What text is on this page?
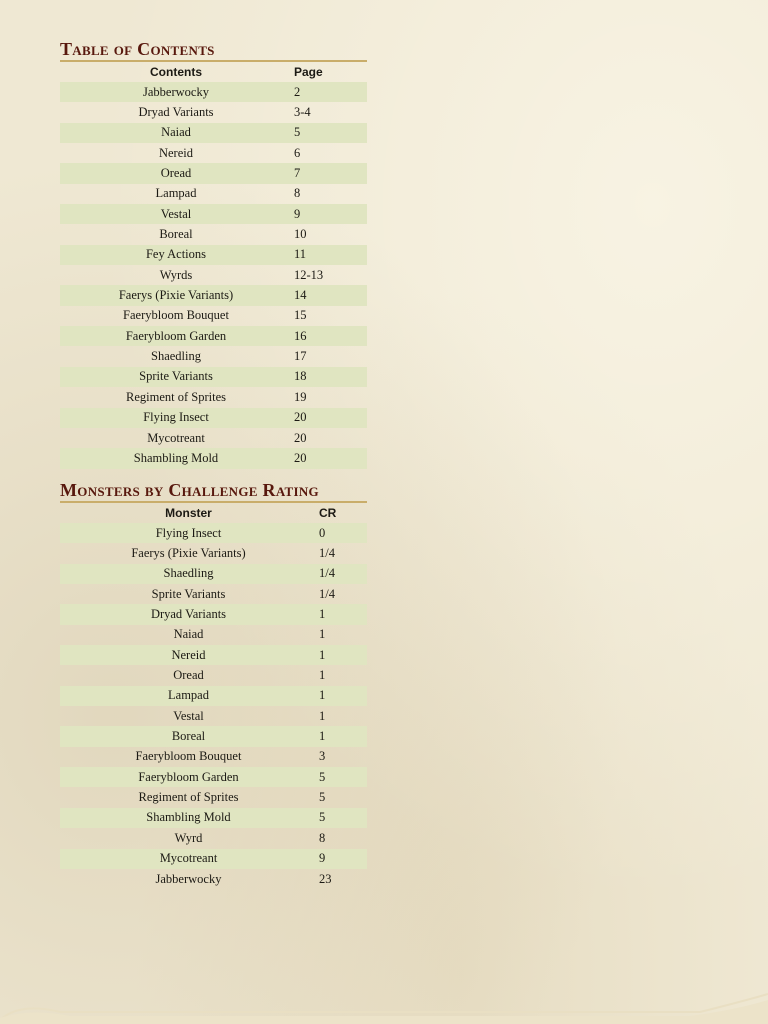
Table of Contents
Contents	Page
Jabberwocky	2
Dryad Variants	3-4
Naiad	5
Nereid	6
Oread	7
Lampad	8
Vestal	9
Boreal	10
Fey Actions	11
Wyrds	12-13
Faerys (Pixie Variants)	14
Faerybloom Bouquet	15
Faerybloom Garden	16
Shaedling	17
Sprite Variants	18
Regiment of Sprites	19
Flying Insect	20
Mycotreant	20
Shambling Mold	20
Monsters by Challenge Rating
Monster	CR
Flying Insect	0
Faerys (Pixie Variants)	1/4
Shaedling	1/4
Sprite Variants	1/4
Dryad Variants	1
Naiad	1
Nereid	1
Oread	1
Lampad	1
Vestal	1
Boreal	1
Faerybloom Bouquet	3
Faerybloom Garden	5
Regiment of Sprites	5
Shambling Mold	5
Wyrd	8
Mycotreant	9
Jabberwocky	23
